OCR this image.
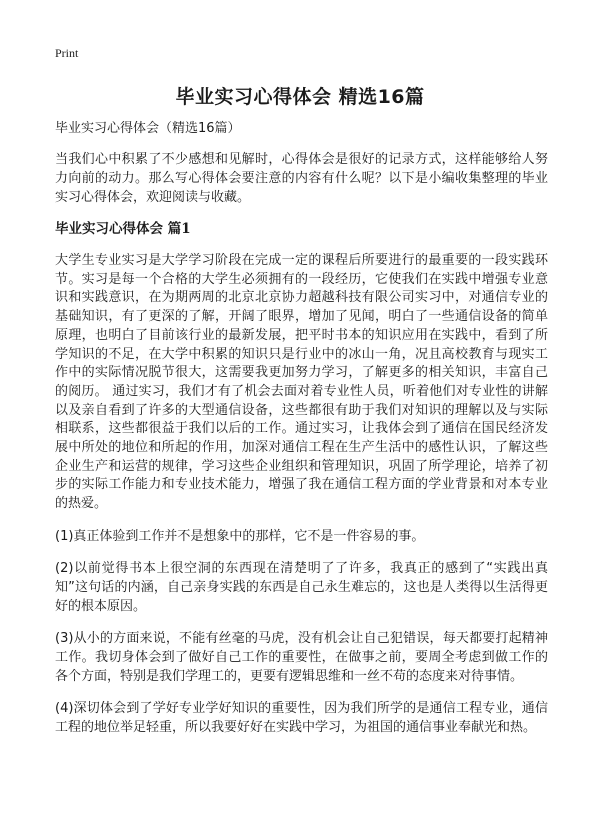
Print
毕业实习心得体会 精选16篇

毕业实习心得体会（精选16篇）

当我们心中积累了不少感想和见解时，心得体会是很好的记录方式，这样能够给人努力向前的动力。那么写心得体会要注意的内容有什么呢？以下是小编收集整理的毕业实习心得体会，欢迎阅读与收藏。

毕业实习心得体会 篇1

大学生专业实习是大学学习阶段在完成一定的课程后所要进行的最重要的一段实践环节。实习是每一个合格的大学生必须拥有的一段经历，它使我们在实践中增强专业意识和实践意识，在为期两周的北京北京协力超越科技有限公司实习中，对通信专业的基础知识，有了更深的了解，开阔了眼界，增加了见闻，明白了一些通信设备的简单原理，也明白了目前该行业的最新发展，把平时书本的知识应用在实践中，看到了所学知识的不足，在大学中积累的知识只是行业中的冰山一角，况且高校教育与现实工作中的实际情况脱节很大，这需要我更加努力学习，了解更多的相关知识，丰富自己的阅历。 通过实习，我们才有了机会去面对着专业性人员，听着他们对专业性的讲解以及亲自看到了许多的大型通信设备，这些都很有助于我们对知识的理解以及与实际相联系，这些都很益于我们以后的工作。通过实习，让我体会到了通信在国民经济发展中所处的地位和所起的作用，加深对通信工程在生产生活中的感性认识，了解这些企业生产和运营的规律，学习这些企业组织和管理知识，巩固了所学理论，培养了初步的实际工作能力和专业技术能力，增强了我在通信工程方面的学业背景和对本专业的热爱。

(1)真正体验到工作并不是想象中的那样，它不是一件容易的事。

(2)以前觉得书本上很空洞的东西现在清楚明了了许多，我真正的感到了“实践出真知”这句话的内涵，自己亲身实践的东西是自己永生难忘的，这也是人类得以生活得更好的根本原因。

(3)从小的方面来说，不能有丝毫的马虎，没有机会让自己犯错误，每天都要打起精神工作。我切身体会到了做好自己工作的重要性，在做事之前，要周全考虑到做工作的各个方面，特别是我们学理工的，更要有逻辑思维和一丝不苟的态度来对待事情。

(4)深切体会到了学好专业学好知识的重要性，因为我们所学的是通信工程专业，通信工程的地位举足轻重，所以我要好好在实践中学习，为祖国的通信事业奉献光和热。
